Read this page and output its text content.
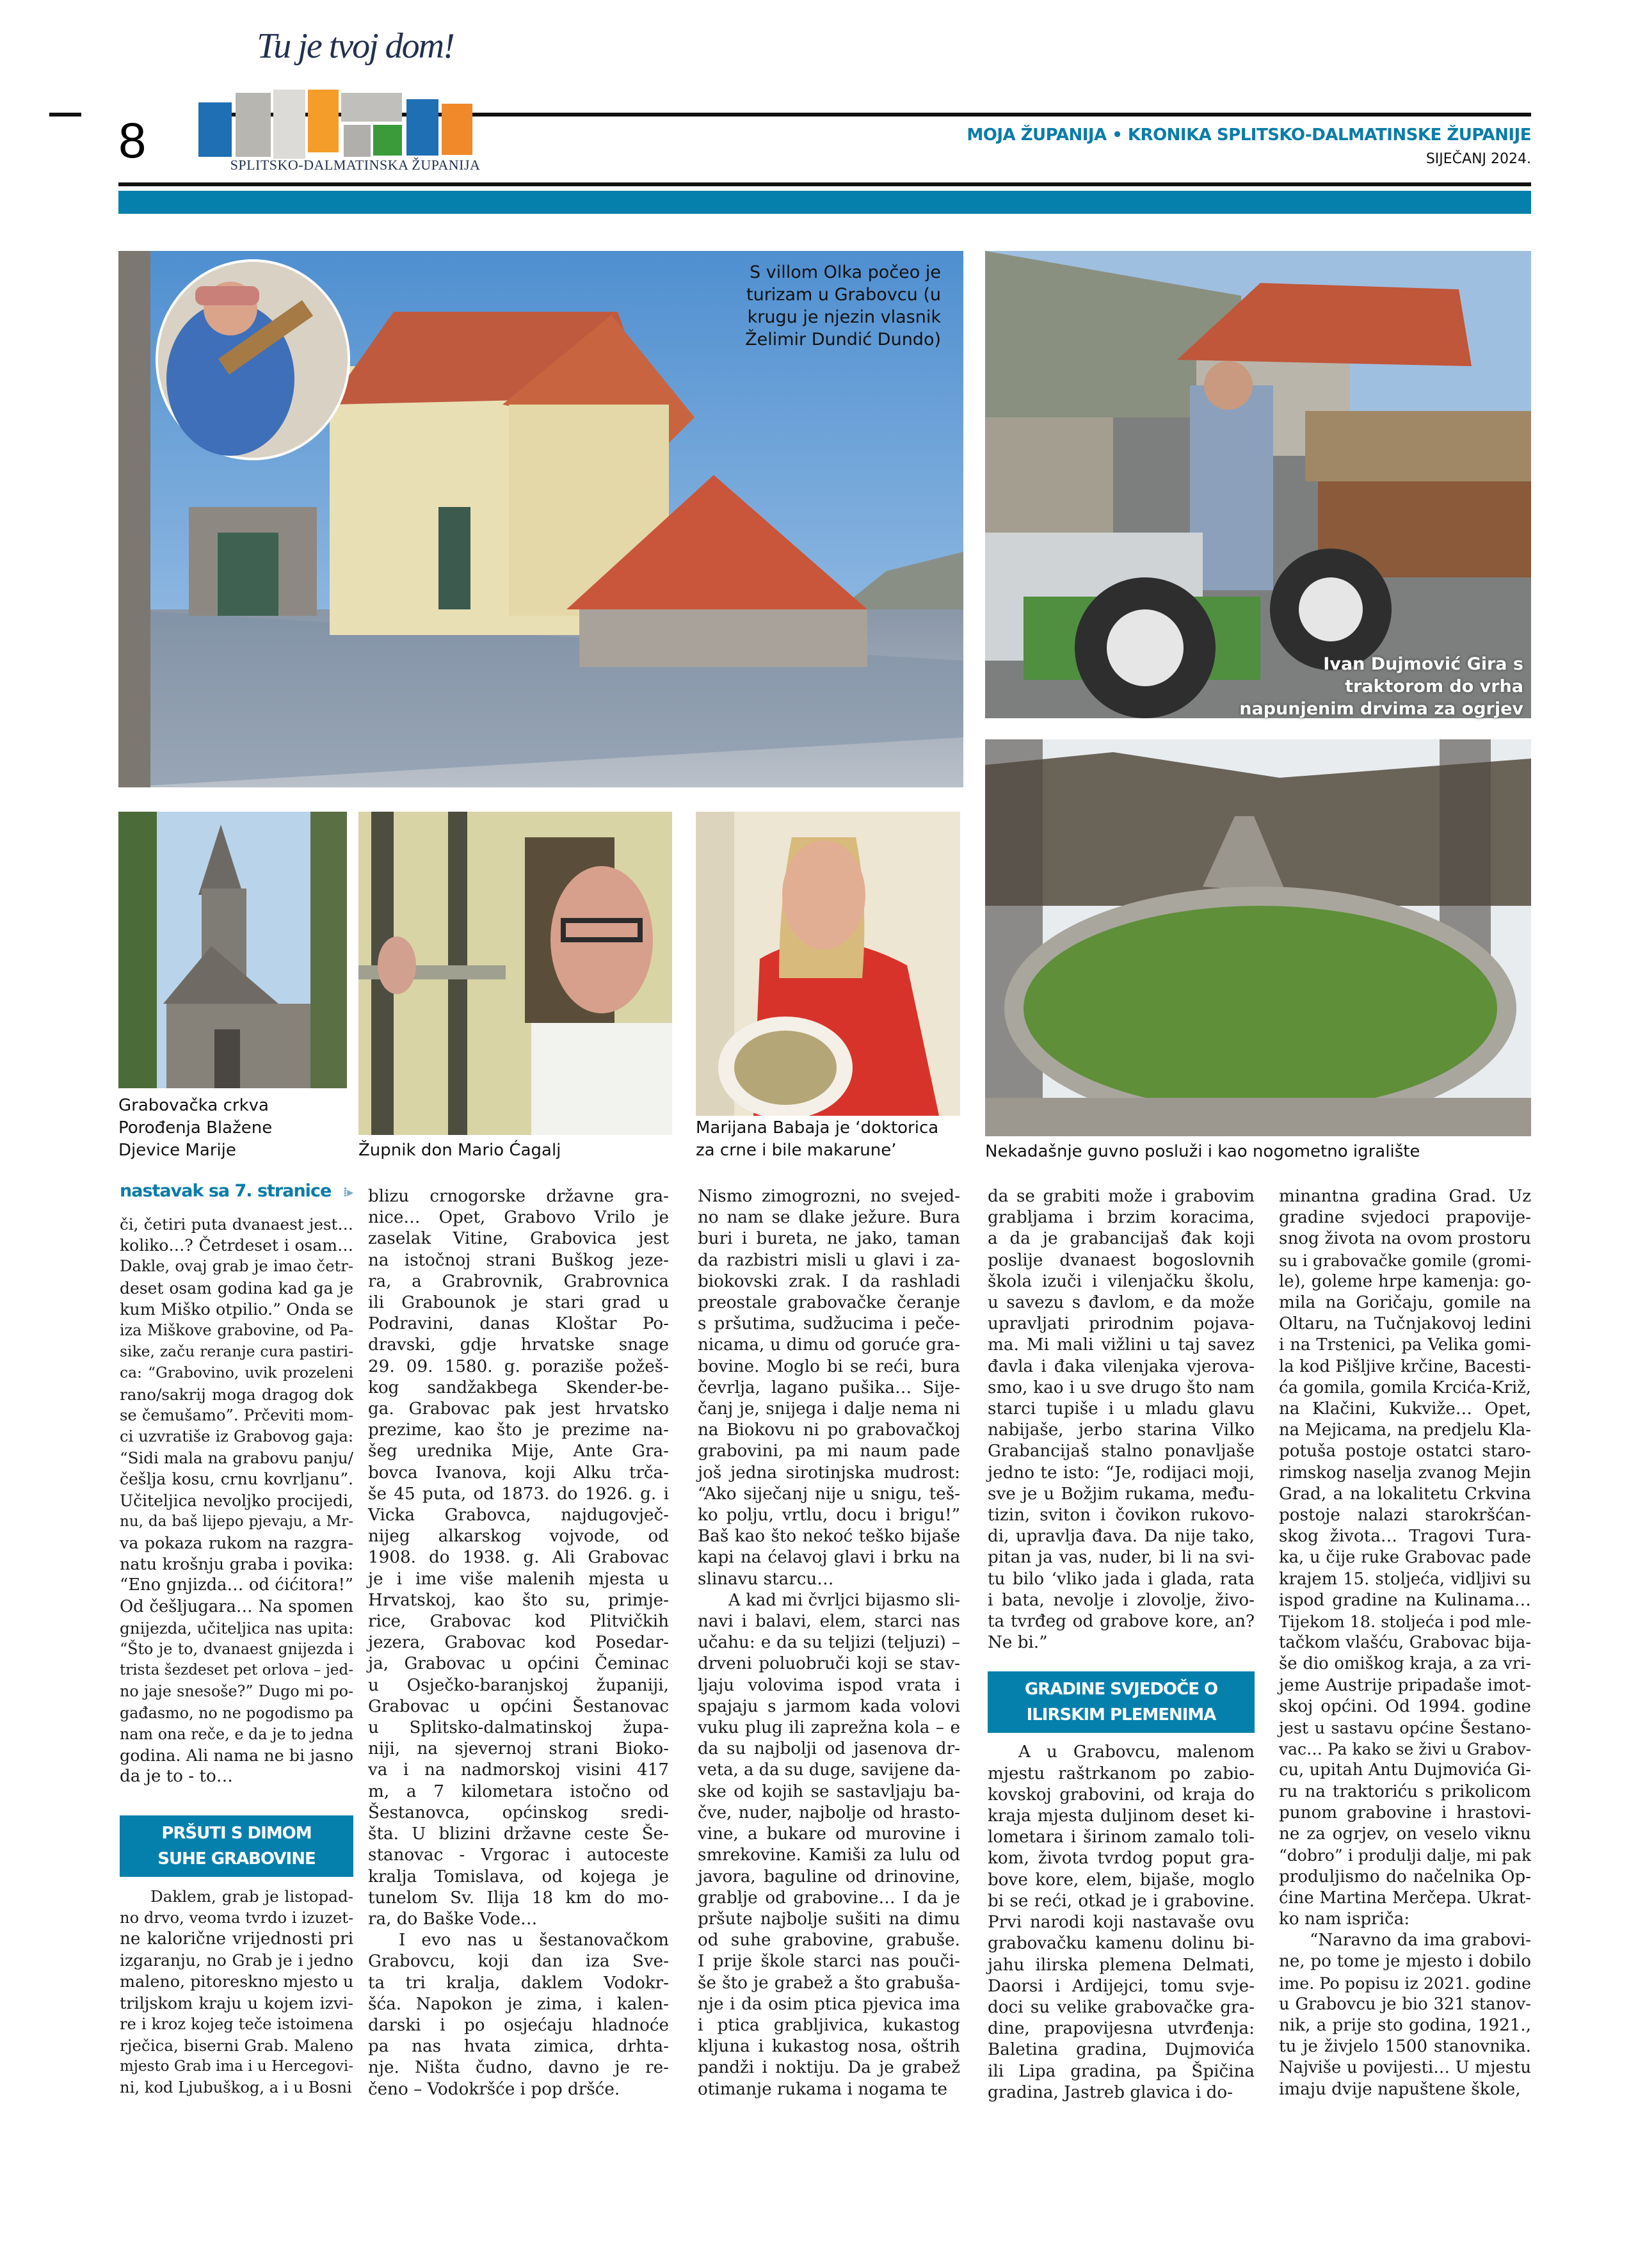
8
Tu je tvoj dom!
SPLITSKO-DALMATINSKA ŽUPANIJA
MOJA ŽUPANIJA • KRONIKA SPLITSKO-DALMATINSKE ŽUPANIJE
SIJEČANJ 2024.
S villom Olka počeo je turizam u Grabovcu (u krugu je njezin vlasnik Želimir Dundić Dundo)
Ivan Dujmović Gira s traktorom do vrha napunjenim drvima za ogrjev
Grabovačka crkva
Porođenja Blažene
Djevice Marije	Župnik don Mario Ćagalj
Marijana Babaja je ‘doktorica
za crne i bile makarune’	Nekadašnje guvno posluži i kao nogometno igralište
nastavak sa 7. stranice ⁞▸

či, četiri puta dvanaest jest…
koliko…? Četrdeset i osam…
Dakle, ovaj grab je imao četr-
deset osam godina kad ga je
kum Miško otpilio.” Onda se
iza Miškove grabovine, od Pa-
sike, začu reranje cura pastiri-
ca: “Grabovino, uvik prozeleni
rano/sakrij moga dragog dok
se čemušamo”. Prčeviti mom-
ci uzvratiše iz Grabovog gaja:
“Sidi mala na grabovu panju/
češlja kosu, crnu kovrljanu”.
Učiteljica nevoljko procijedi,
nu, da baš lijepo pjevaju, a Mr-
va pokaza rukom na razgra-
natu krošnju graba i povika:
“Eno gnjizda… od ćićitora!”
Od češljugara… Na spomen
gnijezda, učiteljica nas upita:
“Što je to, dvanaest gnijezda i
trista šezdeset pet orlova – jed-
no jaje snesoše?” Dugo mi po-
gađasmo, no ne pogodismo pa
nam ona reče, e da je to jedna
godina. Ali nama ne bi jasno
da je to - to…

PRŠUTI S DIMOM
SUHE GRABOVINE

Daklem, grab je listopad-
no drvo, veoma tvrdo i izuzet-
ne kalorične vrijednosti pri
izgaranju, no Grab je i jedno
maleno, pitoreskno mjesto u
triljskom kraju u kojem izvi-
re i kroz kojeg teče istoimena
rječica, biserni Grab. Maleno
mjesto Grab ima i u Hercegovi-
ni, kod Ljubuškog, a i u Bosni

blizu crnogorske državne gra-
nice… Opet, Grabovo Vrilo je
zaselak Vitine, Grabovica jest
na istočnoj strani Buškog jeze-
ra, a Grabrovnik, Grabrovnica
ili Grabounok je stari grad u
Podravini, danas Kloštar Po-
dravski, gdje hrvatske snage
29. 09. 1580. g. poraziše požeš-
kog sandžakbega Skender-be-
ga. Grabovac pak jest hrvatsko
prezime, kao što je prezime na-
šeg urednika Mije, Ante Gra-
bovca Ivanova, koji Alku trča-
še 45 puta, od 1873. do 1926. g. i
Vicka Grabovca, najdugovječ-
nijeg alkarskog vojvode, od
1908. do 1938. g. Ali Grabovac
je i ime više malenih mjesta u
Hrvatskoj, kao što su, primje-
rice, Grabovac kod Plitvičkih
jezera, Grabovac kod Posedar-
ja, Grabovac u općini Čeminac
u Osječko-baranjskoj županiji,
Grabovac u općini Šestanovac
u Splitsko-dalmatinskoj župa-
niji, na sjevernoj strani Bioko-
va i na nadmorskoj visini 417
m, a 7 kilometara istočno od
Šestanovca, općinskog sredi-
šta. U blizini državne ceste Še-
stanovac - Vrgorac i autoceste
kralja Tomislava, od kojega je
tunelom Sv. Ilija 18 km do mo-
ra, do Baške Vode…

I evo nas u šestanovačkom
Grabovcu, koji dan iza Sve-
ta tri kralja, daklem Vodokr-
šća. Napokon je zima, i kalen-
darski i po osjećaju hladnoće
pa nas hvata zimica, drhta-
nje. Ništa čudno, davno je re-
čeno – Vodokršće i pop dršće.

Nismo zimogrozni, no svejed-
no nam se dlake ježure. Bura
buri i bureta, ne jako, taman
da razbistri misli u glavi i za-
biokovski zrak. I da rashladi
preostale grabovačke čeranje
s pršutima, sudžucima i peče-
nicama, u dimu od goruće gra-
bovine. Moglo bi se reći, bura
čevrlja, lagano pušika… Sije-
čanj je, snijega i dalje nema ni
na Biokovu ni po grabovačkoj
grabovini, pa mi naum pade
još jedna sirotinjska mudrost:
“Ako siječanj nije u snigu, teš-
ko polju, vrtlu, docu i brigu!”
Baš kao što nekoć teško bijaše
kapi na ćelavoj glavi i brku na
slinavu starcu…

A kad mi čvrljci bijasmo sli-
navi i balavi, elem, starci nas
učahu: e da su teljizi (teljuzi) –
drveni poluobruči koji se stav-
ljaju volovima ispod vrata i
spajaju s jarmom kada volovi
vuku plug ili zaprežna kola – e
da su najbolji od jasenova dr-
veta, a da su duge, savijene da-
ske od kojih se sastavljaju ba-
čve, nuder, najbolje od hrasto-
vine, a bukare od murovine i
smrekovine. Kamiši za lulu od
javora, baguline od drinovine,
grablje od grabovine… I da je
pršute najbolje sušiti na dimu
od suhe grabovine, grabuše.
I prije škole starci nas pouči-
še što je grabež a što grabuša-
nje i da osim ptica pjevica ima
i ptica grabljivica, kukastog
kljuna i kukastog nosa, oštrih
pandži i noktiju. Da je grabež
otimanje rukama i nogama te

da se grabiti može i grabovim
grabljama i brzim koracima,
a da je grabancijaš đak koji
poslije dvanaest bogoslovnih
škola izuči i vilenjačku školu,
u savezu s đavlom, e da može
upravljati prirodnim pojava-
ma. Mi mali vižlini u taj savez
đavla i đaka vilenjaka vjerova-
smo, kao i u sve drugo što nam
starci tupiše i u mladu glavu
nabijaše, jerbo starina Vilko
Grabancijaš stalno ponavljaše
jedno te isto: “Je, rodijaci moji,
sve je u Božjim rukama, među-
tizin, sviton i čovikon rukovo-
di, upravlja đava. Da nije tako,
pitan ja vas, nuder, bi li na svi-
tu bilo ‘vliko jada i glada, rata
i bata, nevolje i zlovolje, živo-
ta tvrđeg od grabove kore, an?
Ne bi.”

GRADINE SVJEDOČE O
ILIRSKIM PLEMENIMA

A u Grabovcu, malenom
mjestu raštrkanom po zabio-
kovskoj grabovini, od kraja do
kraja mjesta duljinom deset ki-
lometara i širinom zamalo toli-
kom, života tvrdog poput gra-
bove kore, elem, bijaše, moglo
bi se reći, otkad je i grabovine.
Prvi narodi koji nastavaše ovu
grabovačku kamenu dolinu bi-
jahu ilirska plemena Delmati,
Daorsi i Ardijejci, tomu svje-
doci su velike grabovačke gra-
dine, prapovijesna utvrđenja:
Baletina gradina, Dujmovića
ili Lipa gradina, pa Špičina
gradina, Jastreb glavica i do-

minantna gradina Grad. Uz
gradine svjedoci prapovije-
snog života na ovom prostoru
su i grabovačke gomile (gromi-
le), goleme hrpe kamenja: go-
mila na Goričaju, gomile na
Oltaru, na Tučnjakovoj ledini
i na Trstenici, pa Velika gomi-
la kod Pišljive krčine, Bacesti-
ća gomila, gomila Krcića-Križ,
na Klačini, Kukviže… Opet,
na Mejicama, na predjelu Kla-
potuša postoje ostatci staro-
rimskog naselja zvanog Mejin
Grad, a na lokalitetu Crkvina
postoje nalazi starokršćan-
skog života… Tragovi Tura-
ka, u čije ruke Grabovac pade
krajem 15. stoljeća, vidljivi su
ispod gradine na Kulinama…
Tijekom 18. stoljeća i pod mle-
tačkom vlašću, Grabovac bija-
še dio omiškog kraja, a za vri-
jeme Austrije pripadaše imot-
skoj općini. Od 1994. godine
jest u sastavu općine Šestano-
vac… Pa kako se živi u Grabov-
cu, upitah Antu Dujmovića Gi-
ru na traktoriću s prikolicom
punom grabovine i hrastovi-
ne za ogrjev, on veselo viknu
“dobro” i produlji dalje, mi pak
produljismo do načelnika Op-
ćine Martina Merčepa. Ukrat-
ko nam ispriča:

“Naravno da ima grabovi-
ne, po tome je mjesto i dobilo
ime. Po popisu iz 2021. godine
u Grabovcu je bio 321 stanov-
nik, a prije sto godina, 1921.,
tu je živjelo 1500 stanovnika.
Najviše u povijesti… U mjestu
imaju dvije napuštene škole,
